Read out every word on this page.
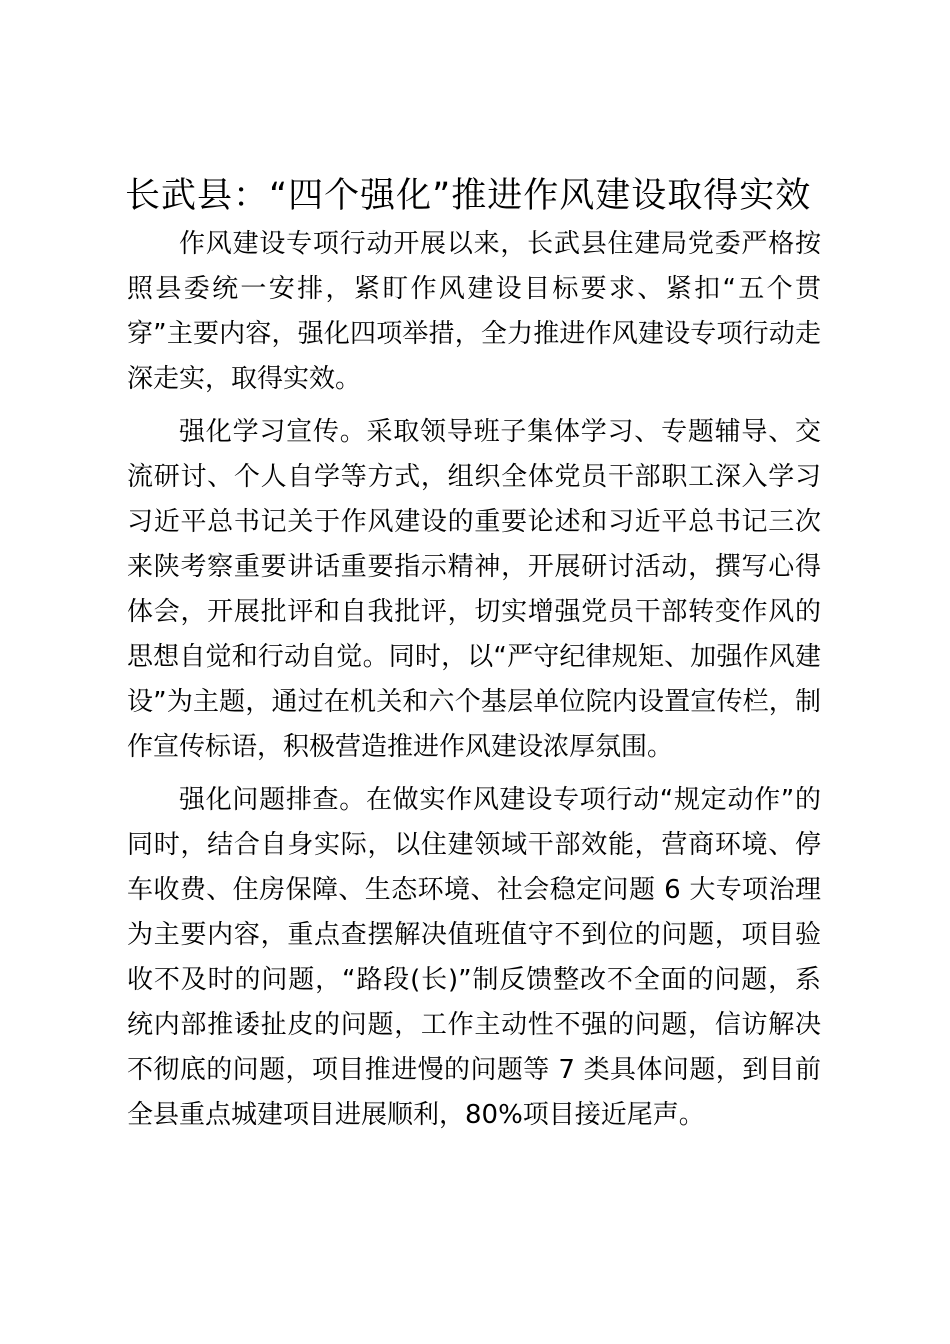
长武县：“四个强化”推进作风建设取得实效

作风建设专项行动开展以来，长武县住建局党委严格按照县委统一安排，紧盯作风建设目标要求、紧扣“五个贯穿”主要内容，强化四项举措，全力推进作风建设专项行动走深走实，取得实效。

强化学习宣传。采取领导班子集体学习、专题辅导、交流研讨、个人自学等方式，组织全体党员干部职工深入学习习近平总书记关于作风建设的重要论述和习近平总书记三次来陕考察重要讲话重要指示精神，开展研讨活动，撰写心得体会，开展批评和自我批评，切实增强党员干部转变作风的思想自觉和行动自觉。同时，以“严守纪律规矩、加强作风建设”为主题，通过在机关和六个基层单位院内设置宣传栏，制作宣传标语，积极营造推进作风建设浓厚氛围。

强化问题排查。在做实作风建设专项行动“规定动作”的同时，结合自身实际，以住建领域干部效能，营商环境、停车收费、住房保障、生态环境、社会稳定问题 6 大专项治理为主要内容，重点查摆解决值班值守不到位的问题，项目验收不及时的问题，“路段(长)”制反馈整改不全面的问题，系统内部推诿扯皮的问题，工作主动性不强的问题，信访解决不彻底的问题，项目推进慢的问题等 7 类具体问题，到目前全县重点城建项目进展顺利，80%项目接近尾声。
